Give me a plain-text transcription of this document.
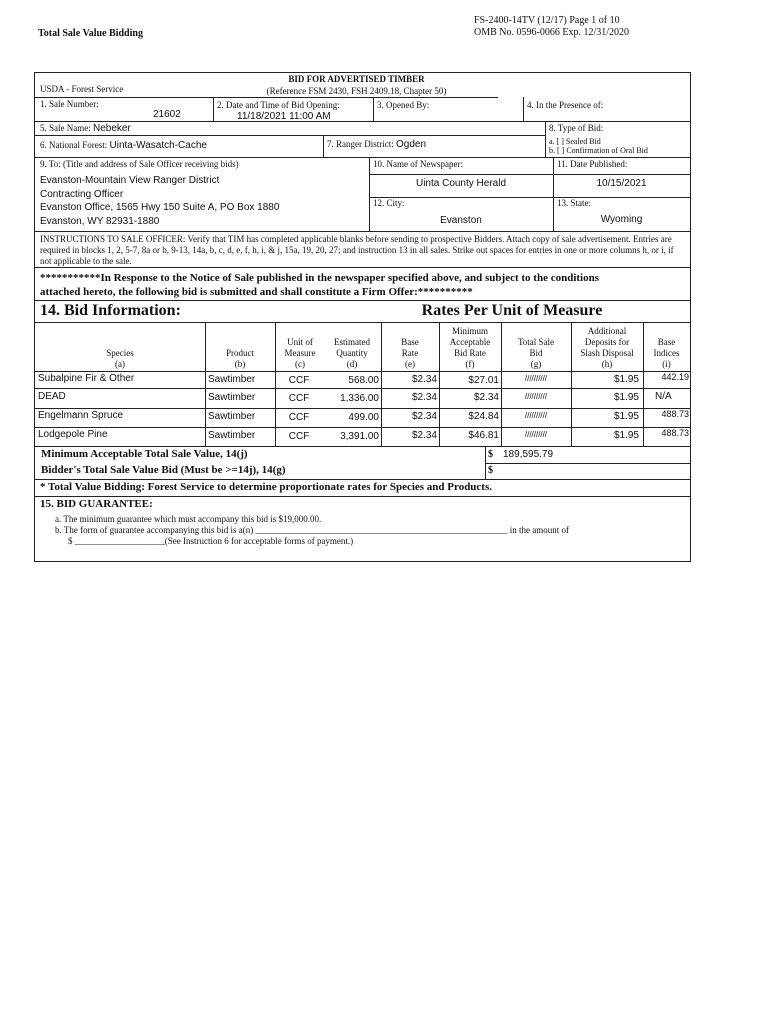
Total Sale Value Bidding
FS-2400-14TV (12/17) Page 1 of 10
OMB No. 0596-0066 Exp. 12/31/2020
USDA - Forest Service
BID FOR ADVERTISED TIMBER
(Reference FSM 2430, FSH 2409.18, Chapter 50)
1. Sale Number:
21602
2. Date and Time of Bid Opening:
11/18/2021 11:00 AM
3. Opened By:	4. In the Presence of:
5. Sale Name: Nebeker	8. Type of Bid:
a. [ ] Sealed Bid
b. [ ] Confirmation of Oral Bid
6. National Forest: Uinta-Wasatch-Cache	7. Ranger District: Ogden
9. To: (Title and address of Sale Officer receiving bids)
Evanston-Mountain View Ranger District
Contracting Officer
Evanston Office, 1565 Hwy 150 Suite A, PO Box 1880
Evanston, WY 82931-1880
10. Name of Newspaper:
Uinta County Herald
11. Date Published:
10/15/2021
12. City:
Evanston
13. State:
Wyoming
INSTRUCTIONS TO SALE OFFICER: Verify that TIM has completed applicable blanks before sending to prospective Bidders. Attach copy of sale advertisement. Entries are required in blocks 1, 2, 5-7, 8a or b, 9-13, 14a, b, c, d, e, f, h, i, & j, 15a, 19, 20, 27; and instruction 13 in all sales. Strike out spaces for entries in one or more columns h, or i, if not applicable to the sale.
***********In Response to the Notice of Sale published in the newspaper specified above, and subject to the conditions
attached hereto, the following bid is submitted and shall constitute a Firm Offer:**********
14. Bid Information:	Rates Per Unit of Measure
Species
(a)
Product
(b)
Unit of
Measure
(c)
Estimated
Quantity
(d)
Base
Rate
(e)
Minimum
Acceptable
Bid Rate
(f)
Total Sale
Bid
(g)
Additional
Deposits for
Slash Disposal
(h)
Base
Indices
(i)
Subalpine Fir & Other	Sawtimber	CCF	568.00	$2.34	$27.01	//////////	$1.95	442.19
DEAD	Sawtimber	CCF	1,336.00	$2.34	$2.34	//////////	$1.95 N/A
Engelmann Spruce	Sawtimber	CCF	499.00	$2.34	$24.84	//////////	$1.95	488.73
Lodgepole Pine	Sawtimber	CCF	3,391.00	$2.34	$46.81	//////////	$1.95	488.73
Minimum Acceptable Total Sale Value, 14(j)	$ 189,595.79
Bidder's Total Sale Value Bid (Must be >=14j), 14(g)	$
* Total Value Bidding: Forest Service to determine proportionate rates for Species and Products.
15. BID GUARANTEE:
a. The minimum guarantee which must accompany this bid is $19,000.00.
b. The form of guarantee accompanying this bid is a(n) ________________________________________________________ in the amount of
$ ____________________(See Instruction 6 for acceptable forms of payment.)
